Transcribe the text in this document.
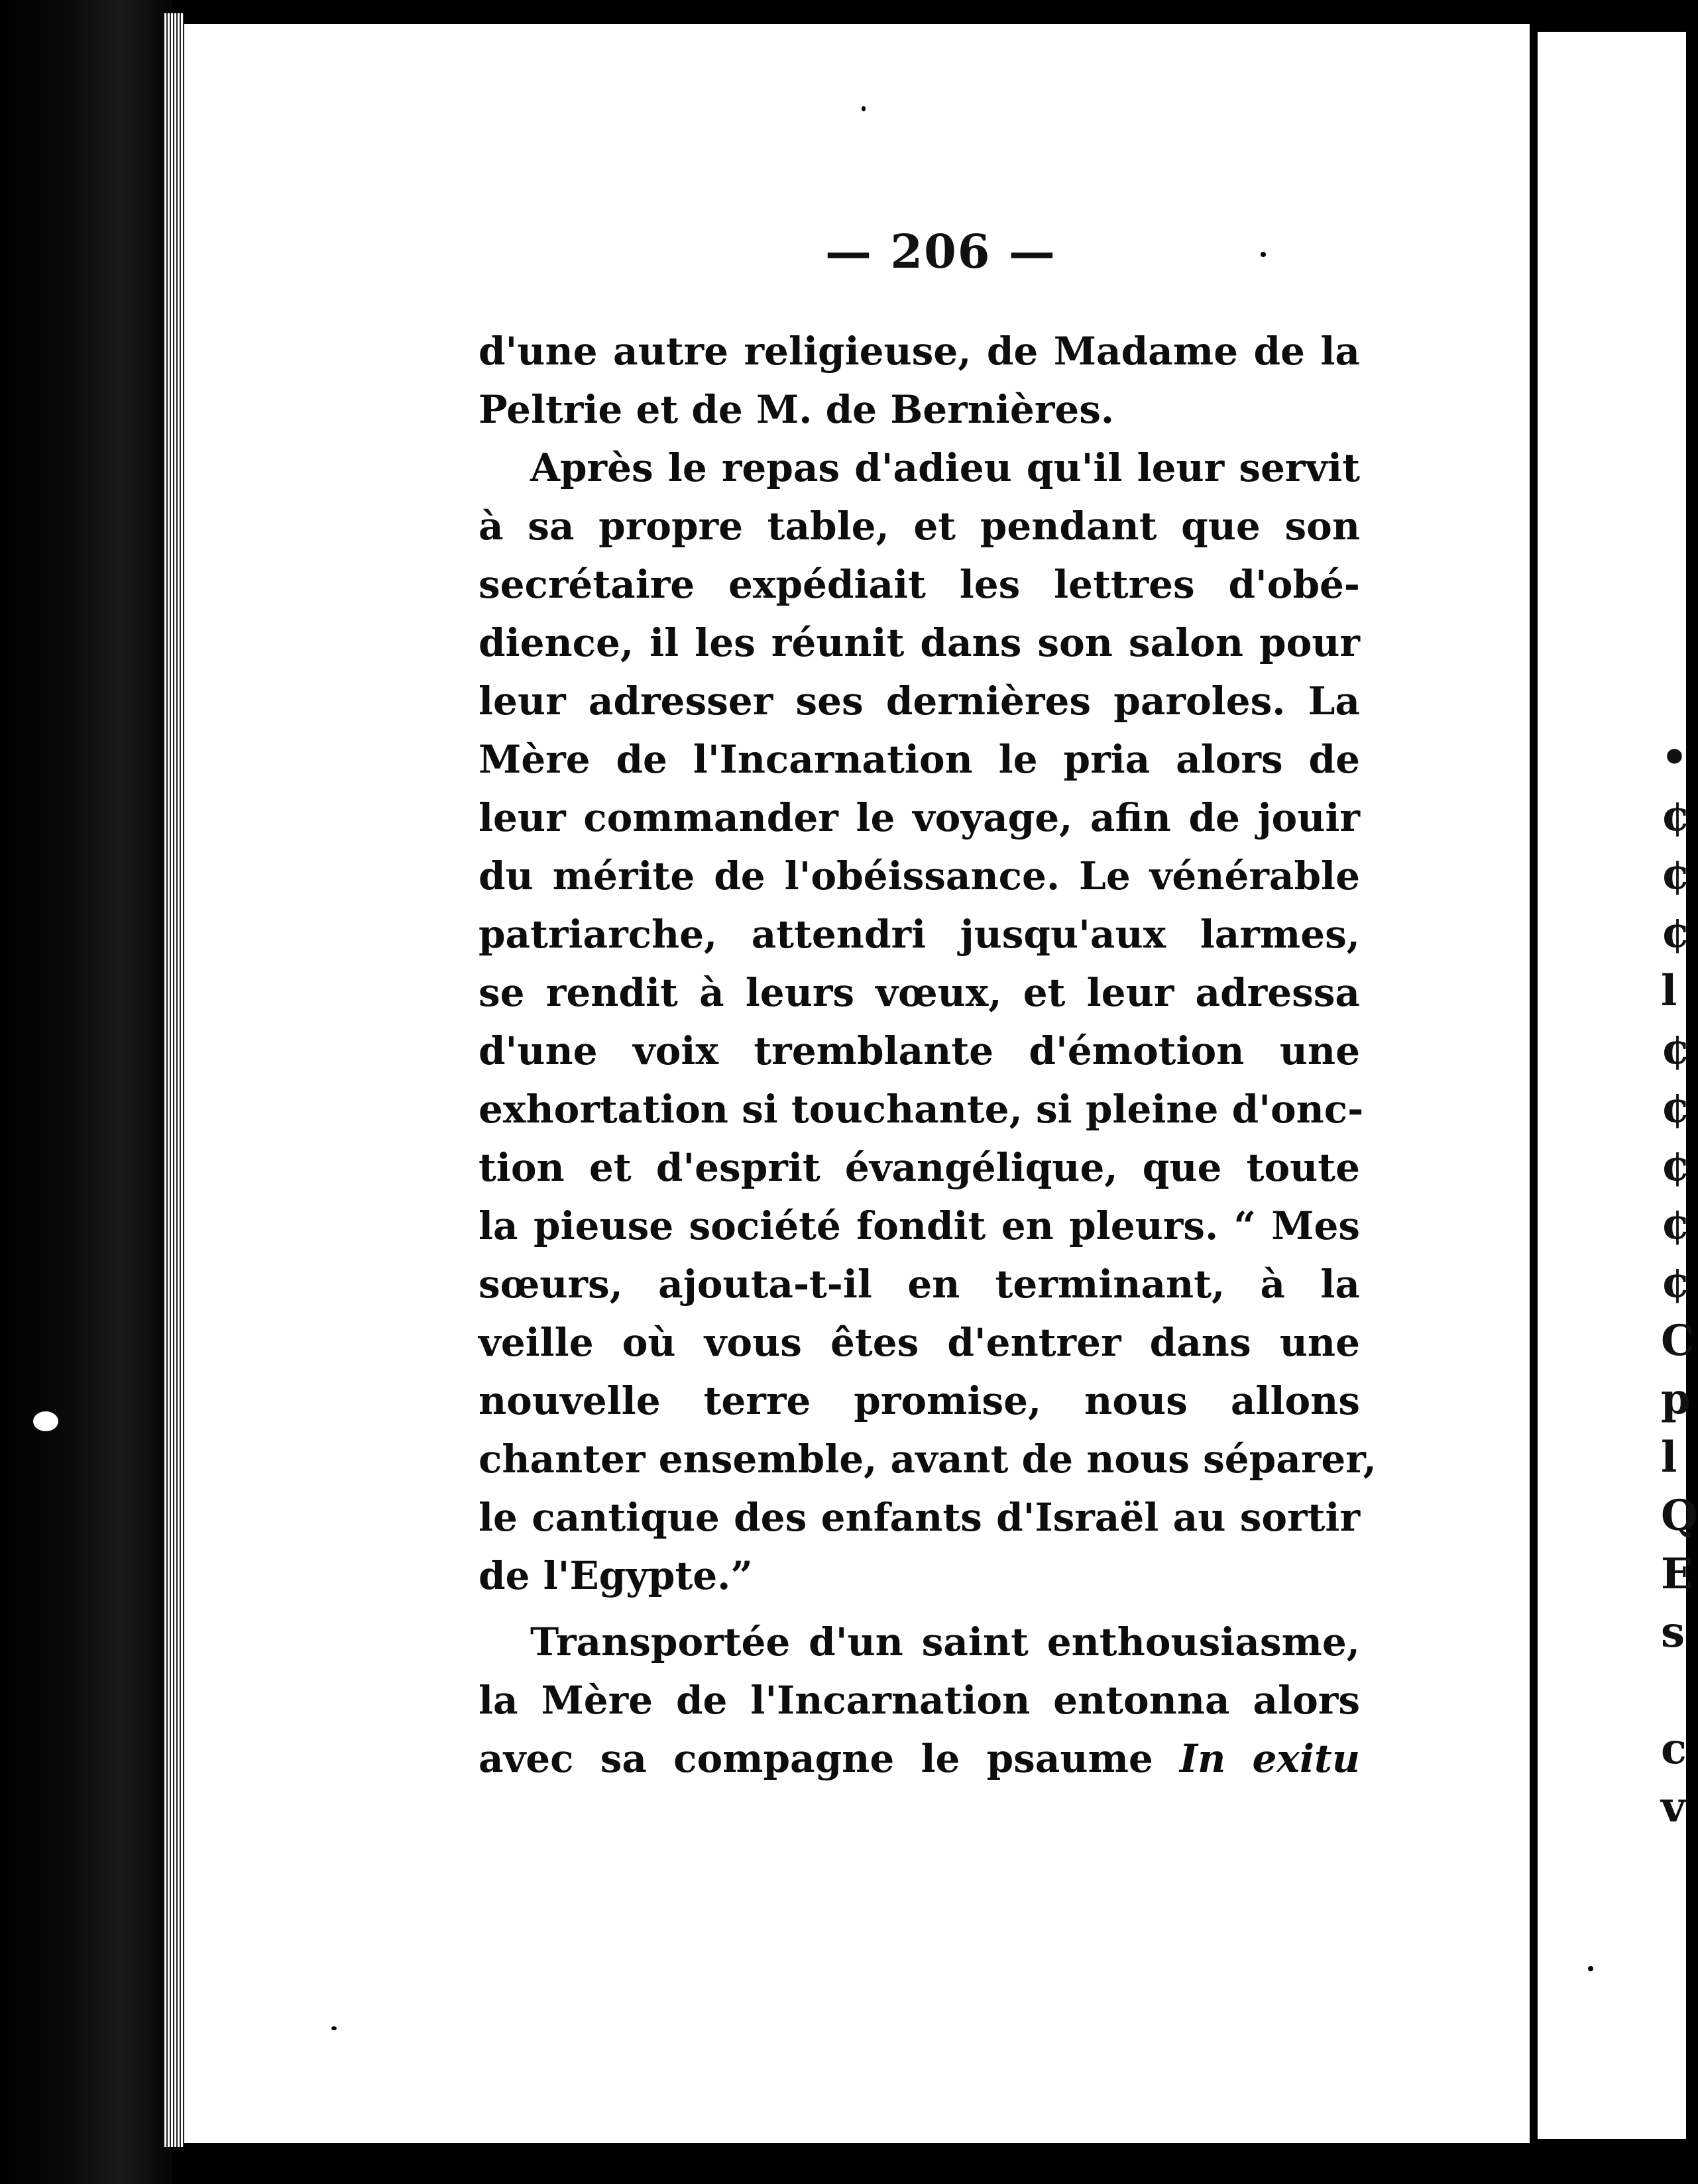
— 206 —

d'une autre religieuse, de Madame de la
Peltrie et de M. de Bernières.

Après le repas d'adieu qu'il leur servit
à sa propre table, et pendant que son
secrétaire expédiait les lettres d'obé-
dience, il les réunit dans son salon pour
leur adresser ses dernières paroles. La
Mère de l'Incarnation le pria alors de
leur commander le voyage, afin de jouir
du mérite de l'obéissance. Le vénérable
patriarche, attendri jusqu'aux larmes,
se rendit à leurs vœux, et leur adressa
d'une voix tremblante d'émotion une
exhortation si touchante, si pleine d'onc-
tion et d'esprit évangélique, que toute
la pieuse société fondit en pleurs. “ Mes
sœurs, ajouta-t-il en terminant, à la
veille où vous êtes d'entrer dans une
nouvelle terre promise, nous allons
chanter ensemble, avant de nous séparer,
le cantique des enfants d'Israël au sortir
de l'Egypte.”

Transportée d'un saint enthousiasme,
la Mère de l'Incarnation entonna alors
avec sa compagne le psaume In exitu

•
¢
¢
¢
l
¢
¢
¢
¢
¢
C
p
l
Q
E
s

c
v
